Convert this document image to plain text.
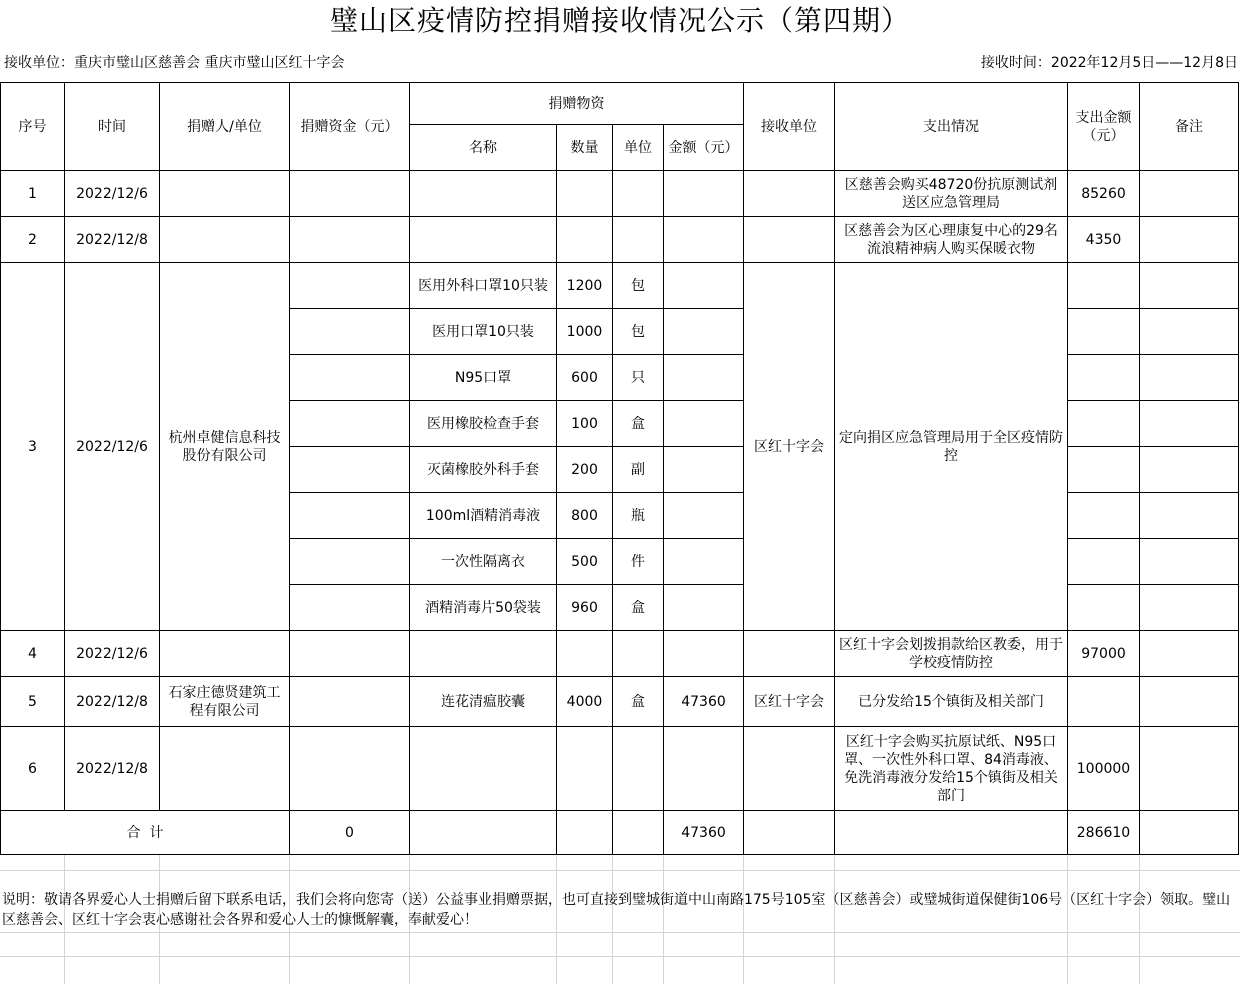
璧山区疫情防控捐赠接收情况公示（第四期）
接收单位：重庆市璧山区慈善会 重庆市璧山区红十字会	接收时间：2022年12月5日——12月8日
序号	时间	捐赠人/单位	捐赠资金（元）	捐赠物资				接收单位	支出情况	支出金额（元）	备注
				名称	数量	单位	金额（元）				
1	2022/12/6								区慈善会购买48720份抗原测试剂送区应急管理局	85260	
2	2022/12/8								区慈善会为区心理康复中心的29名流浪精神病人购买保暖衣物	4350	
3	2022/12/6	杭州卓健信息科技股份有限公司		医用外科口罩10只装	1200	包		区红十字会	定向捐区应急管理局用于全区疫情防控		
				医用口罩10只装	1000	包					
				N95口罩	600	只					
				医用橡胶检查手套	100	盒					
				灭菌橡胶外科手套	200	副					
				100ml酒精消毒液	800	瓶					
				一次性隔离衣	500	件					
				酒精消毒片50袋装	960	盒					
4	2022/12/6								区红十字会划拨捐款给区教委，用于学校疫情防控	97000	
5	2022/12/8	石家庄德贤建筑工程有限公司		连花清瘟胶囊	4000	盒	47360	区红十字会	已分发给15个镇街及相关部门		
6	2022/12/8								区红十字会购买抗原试纸、N95口罩、一次性外科口罩、84消毒液、免洗消毒液分发给15个镇街及相关部门	100000	
合  计			0				47360			286610	
说明：敬请各界爱心人士捐赠后留下联系电话，我们会将向您寄（送）公益事业捐赠票据，也可直接到璧城街道中山南路175号105室（区慈善会）或璧城街道保健街106号（区红十字会）领取。璧山区慈善会、区红十字会衷心感谢社会各界和爱心人士的慷慨解囊，奉献爱心！
